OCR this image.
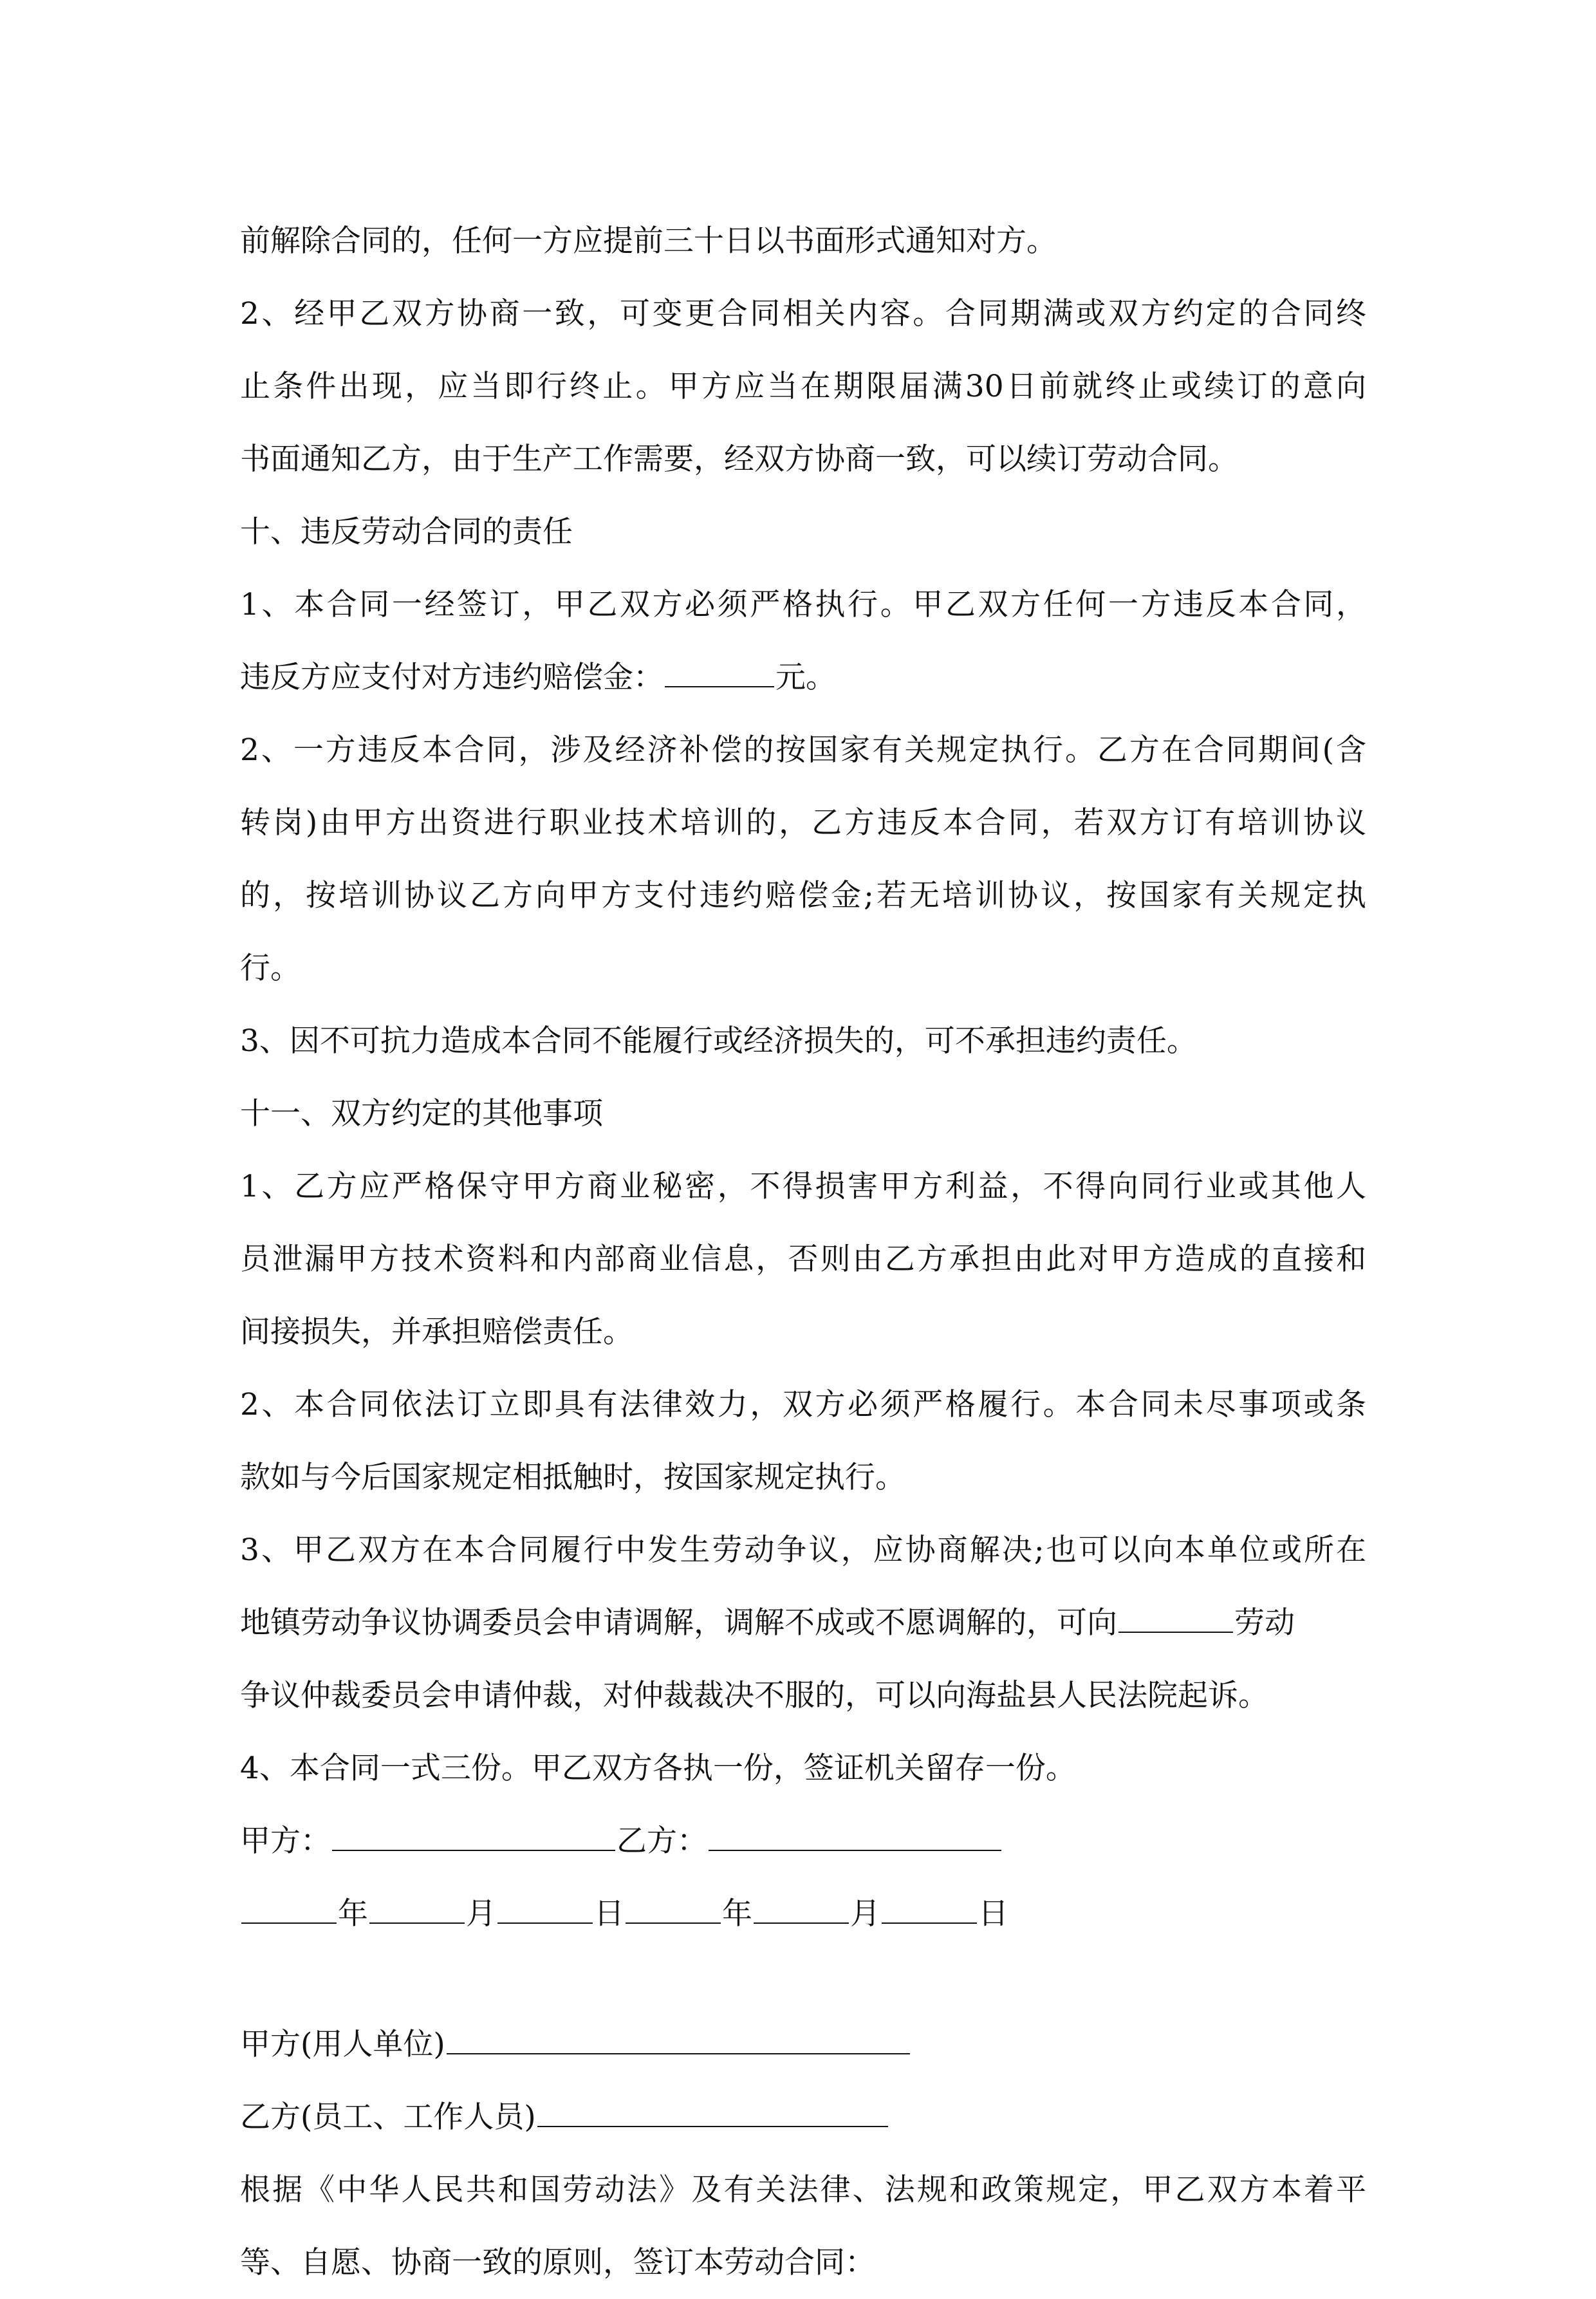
前解除合同的，任何一方应提前三十日以书面形式通知对方。
2、经甲乙双方协商一致，可变更合同相关内容。合同期满或双方约定的合同终
止条件出现，应当即行终止。甲方应当在期限届满30日前就终止或续订的意向
书面通知乙方，由于生产工作需要，经双方协商一致，可以续订劳动合同。
十、违反劳动合同的责任
1、本合同一经签订，甲乙双方必须严格执行。甲乙双方任何一方违反本合同，
违反方应支付对方违约赔偿金：	元。
2、一方违反本合同，涉及经济补偿的按国家有关规定执行。乙方在合同期间(含
转岗)由甲方出资进行职业技术培训的，乙方违反本合同，若双方订有培训协议
的，按培训协议乙方向甲方支付违约赔偿金;若无培训协议，按国家有关规定执
行。
3、因不可抗力造成本合同不能履行或经济损失的，可不承担违约责任。
十一、双方约定的其他事项
1、乙方应严格保守甲方商业秘密，不得损害甲方利益，不得向同行业或其他人
员泄漏甲方技术资料和内部商业信息，否则由乙方承担由此对甲方造成的直接和
间接损失，并承担赔偿责任。
2、本合同依法订立即具有法律效力，双方必须严格履行。本合同未尽事项或条
款如与今后国家规定相抵触时，按国家规定执行。
3、甲乙双方在本合同履行中发生劳动争议，应协商解决;也可以向本单位或所在
地镇劳动争议协调委员会申请调解，调解不成或不愿调解的，可向	劳动
争议仲裁委员会申请仲裁，对仲裁裁决不服的，可以向海盐县人民法院起诉。
4、本合同一式三份。甲乙双方各执一份，签证机关留存一份。
甲方：	乙方：
年	月	日	年	月	日
甲方(用人单位)
乙方(员工、工作人员)
根据《中华人民共和国劳动法》及有关法律、法规和政策规定，甲乙双方本着平
等、自愿、协商一致的原则，签订本劳动合同：
